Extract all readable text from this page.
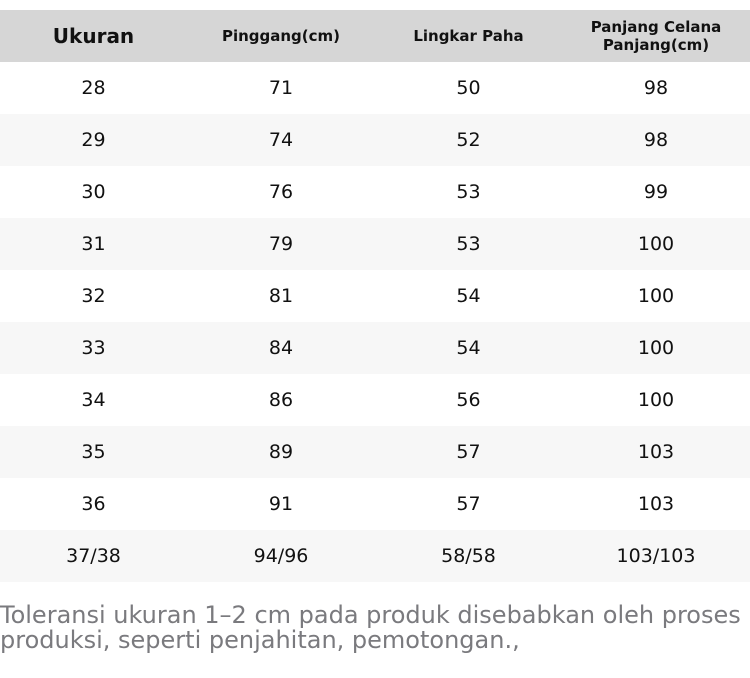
Ukuran	Pinggang(cm)	Lingkar Paha	Panjang Celana Panjang(cm)
28	71	50	98
29	74	52	98
30	76	53	99
31	79	53	100
32	81	54	100
33	84	54	100
34	86	56	100
35	89	57	103
36	91	57	103
37/38	94/96	58/58	103/103

Toleransi ukuran 1–2 cm pada produk disebabkan oleh proses produksi, seperti penjahitan, pemotongan.,
